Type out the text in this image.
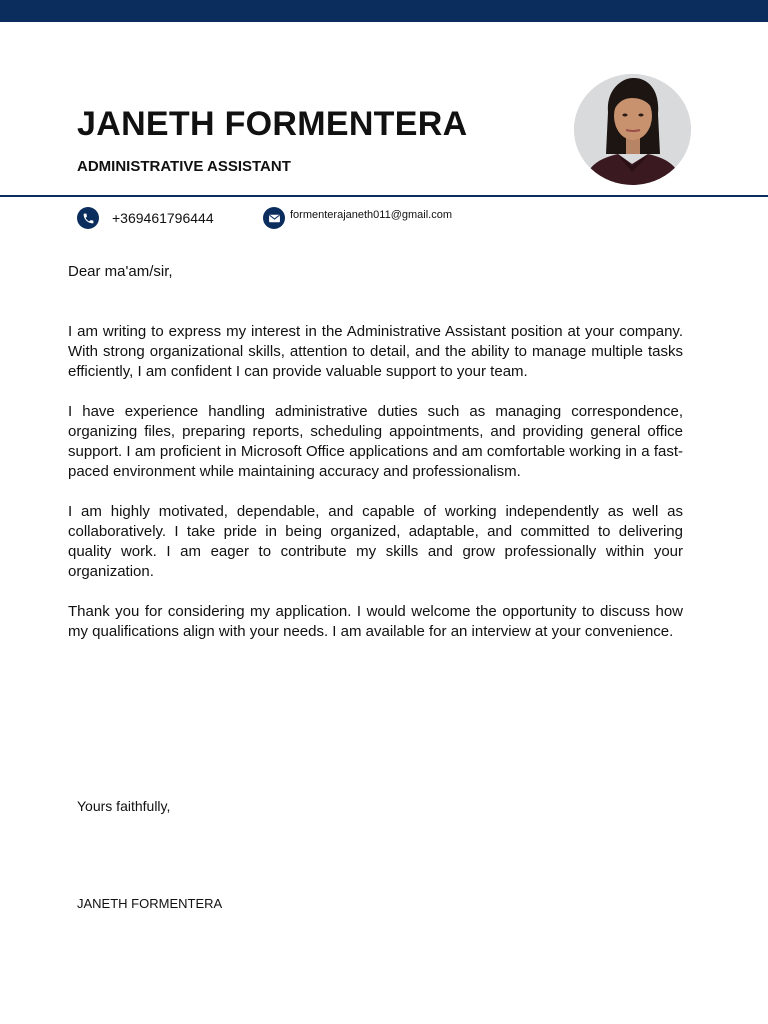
JANETH FORMENTERA
ADMINISTRATIVE ASSISTANT
+369461796444	formenterajaneth011@gmail.com

Dear ma'am/sir,

I am writing to express my interest in the Administrative Assistant position at your company. With strong organizational skills, attention to detail, and the ability to manage multiple tasks efficiently, I am confident I can provide valuable support to your team.

I have experience handling administrative duties such as managing correspondence, organizing files, preparing reports, scheduling appointments, and providing general office support. I am proficient in Microsoft Office applications and am comfortable working in a fast-paced environment while maintaining accuracy and professionalism.

I am highly motivated, dependable, and capable of working independently as well as collaboratively. I take pride in being organized, adaptable, and committed to delivering quality work. I am eager to contribute my skills and grow professionally within your organization.

Thank you for considering my application. I would welcome the opportunity to discuss how my qualifications align with your needs. I am available for an interview at your convenience.

Yours faithfully,

JANETH FORMENTERA
